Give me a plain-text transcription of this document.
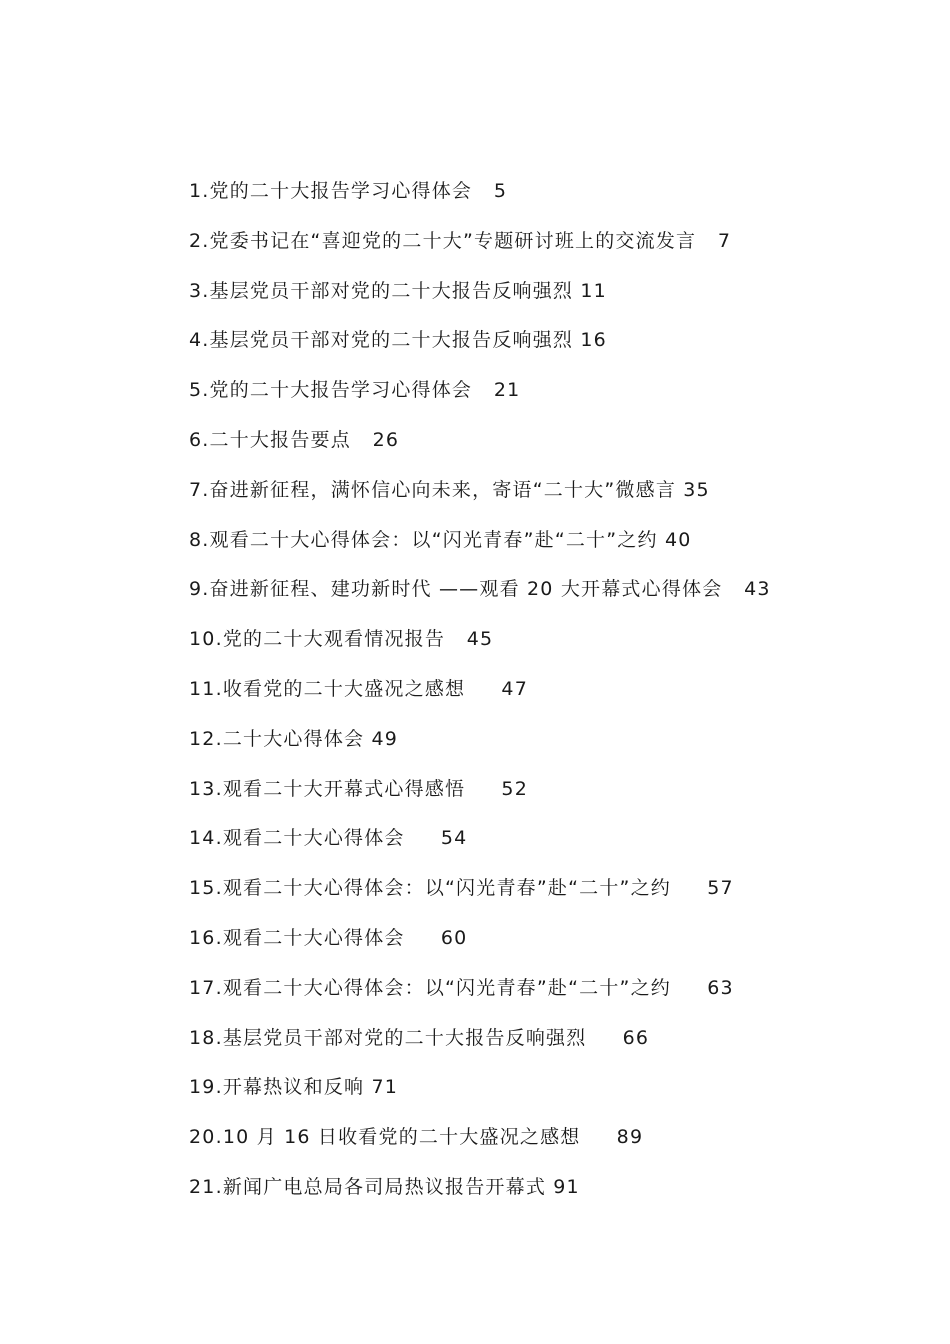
1.党的二十大报告学习心得体会   5
2.党委书记在“喜迎党的二十大”专题研讨班上的交流发言   7
3.基层党员干部对党的二十大报告反响强烈 11
4.基层党员干部对党的二十大报告反响强烈 16
5.党的二十大报告学习心得体会   21
6.二十大报告要点   26
7.奋进新征程，满怀信心向未来，寄语“二十大”微感言 35
8.观看二十大心得体会：以“闪光青春”赴“二十”之约 40
9.奋进新征程、建功新时代 ——观看 20 大开幕式心得体会   43
10.党的二十大观看情况报告   45
11.收看党的二十大盛况之感想     47
12.二十大心得体会 49
13.观看二十大开幕式心得感悟     52
14.观看二十大心得体会     54
15.观看二十大心得体会：以“闪光青春”赴“二十”之约     57
16.观看二十大心得体会     60
17.观看二十大心得体会：以“闪光青春”赴“二十”之约     63
18.基层党员干部对党的二十大报告反响强烈     66
19.开幕热议和反响 71
20.10 月 16 日收看党的二十大盛况之感想     89
21.新闻广电总局各司局热议报告开幕式 91
